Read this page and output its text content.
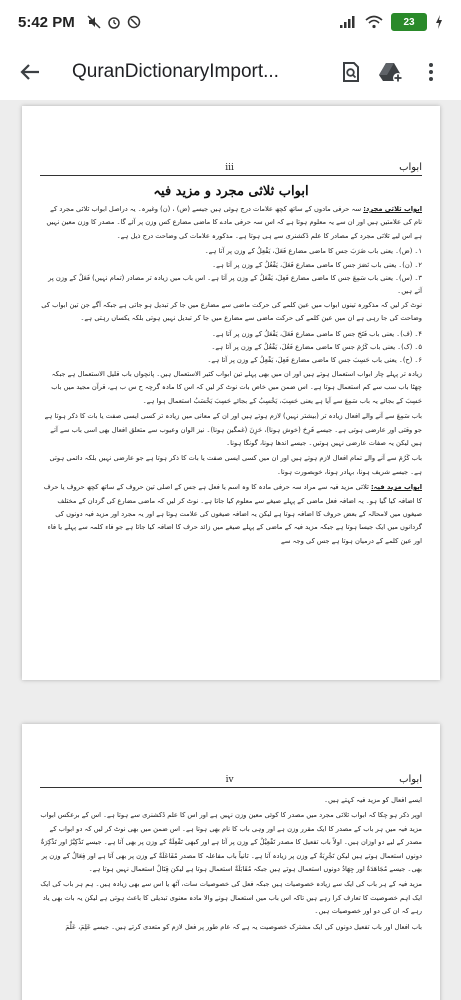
5:42 PM	23
QuranDictionaryImport...
ابواب
iii
ابواب ثلاثی مجرد و مزید فیہ

ابواب ثلاثی مجرد: سہ حرفی مادوں کے ساتھ کچھ علامات درج ہوئی ہیں جیسے (ض) ، (ن) وغیرہ۔ یہ دراصل ابواب ثلاثی مجرد کے نام کی علامتیں ہیں اور ان سے یہ معلوم ہوتا ہے کہ اس سہ حرفی مادے کا ماضی مضارع کس وزن پر آئے گا۔ مصدر کا وزن معین نہیں ہے اس لیے ثلاثی مجرد کے مصادر کا علم ڈکشنری سے ہی ہوتا ہے۔ مذکورہ علامات کی وضاحت درج ذیل ہے۔

۱۔ (ض)۔ یعنی باب ضَرَبَ جس کا ماضی مضارع فَعَلَ، یَفْعِلُ کے وزن پر آتا ہے۔
۲۔ (ن)۔ یعنی باب نَصَرَ جس کا ماضی مضارع فَعَلَ، یَفْعُلُ کے وزن پر آتا ہے۔
۳۔ (س)۔ یعنی باب سَمِعَ جس کا ماضی مضارع فَعِلَ، یَفْعَلُ کے وزن پر آتا ہے۔ اس باب میں زیادہ تر مصادر (تمام نہیں) فَعَلٌ کے وزن پر آتے ہیں۔

نوٹ کر لیں کہ مذکورہ تینوں ابواب میں عین کلمے کی حرکت ماضی سے مضارع میں جا کر تبدیل ہو جاتی ہے جبکہ آگے جن تین ابواب کی وضاحت کی جا رہی ہے ان میں عین کلمے کی حرکت ماضی سے مضارع میں جا کر تبدیل نہیں ہوتی بلکہ یکساں رہتی ہے۔

۴۔ (ف)۔ یعنی باب فَتَحَ جس کا ماضی مضارع فَعَلَ، یَفْعَلُ کے وزن پر آتا ہے۔
۵۔ (ک)۔ یعنی باب کَرُمَ جس کا ماضی مضارع فَعُلَ، یَفْعُلُ کے وزن پر آتا ہے۔
۶۔ (ح)۔ یعنی باب حَسِبَ جس کا ماضی مضارع فَعِلَ، یَفْعِلُ کے وزن پر آتا ہے۔

زیادہ تر پہلے چار ابواب استعمال ہوتے ہیں اور ان میں بھی پہلے تین ابواب کثیر الاستعمال ہیں۔ پانچواں باب قلیل الاستعمال ہے جبکہ چھٹا باب سب سے کم استعمال ہوتا ہے۔ اس ضمن میں خاص بات نوٹ کر لیں کہ اس کا مادہ گرچہ ح س ب ہے، قرآن مجید میں باب حَسِبَ کے بجائے یہ باب سَمِعَ سے آیا ہے یعنی حَسِبَ، یَحْسِبُ کے بجائے حَسِبَ یَحْسَبُ استعمال ہوا ہے۔

باب سَمِعَ سے آنے والے افعال زیادہ تر (بیشتر نہیں) لازم ہوتے ہیں اور ان کے معانی میں زیادہ تر کسی ایسی صفت یا بات کا ذکر ہوتا ہے جو وقتی اور عارضی ہوتی ہے۔ جیسے فَرِحَ (خوش ہونا)، حَزِنَ (غمگین ہونا)۔ نیز الوان وعیوب سے متعلق افعال بھی اسی باب سے آتے ہیں لیکن یہ صفات عارضی نہیں ہوتیں۔ جیسے اندھا ہونا، گونگا ہونا۔

باب کَرُمَ سے آنے والے تمام افعال لازم ہوتے ہیں اور ان میں کسی ایسی صفت یا بات کا ذکر ہوتا ہے جو عارضی نہیں بلکہ دائمی ہوتی ہے۔ جیسے شریف ہونا، بہادر ہونا، خوبصورت ہونا۔

ابواب مزید فیہ: ثلاثی مزید فیہ سے مراد سہ حرفی مادہ کا وہ اسم یا فعل ہے جس کے اصلی تین حروف کے ساتھ کچھ حروف یا حرف کا اضافہ کیا گیا ہو۔ یہ اضافہ فعل ماضی کے پہلے صیغے سے معلوم کیا جاتا ہے۔ نوٹ کر لیں کہ ماضی مضارع کی گردان کے مختلف صیغوں میں لامحالہ کے بعض حروف کا اضافہ ہوتا ہے لیکن یہ اضافہ صیغوں کی علامت ہوتا ہے اور یہ مجرد اور مزید فیہ دونوں کی گردانوں میں ایک جیسا ہوتا ہے جبکہ مزید فیہ کے ماضی کے پہلے صیغے میں زائد حرف کا اضافہ کیا جاتا ہے جو فاء کلمہ سے پہلے یا فاء اور عین کلمے کے درمیان ہوتا ہے جس کی وجہ سے

ابواب
iv

ایسے افعال کو مزید فیہ کہتے ہیں۔

اوپر ذکر ہو چکا کہ ابواب ثلاثی مجرد میں مصدر کا کوئی معین وزن نہیں ہے اور اس کا علم ڈکشنری سے ہوتا ہے۔ اس کے برعکس ابواب مزید فیہ میں ہر باب کے مصدر کا ایک مقرر وزن ہے اور وہی باب کا نام بھی ہوتا ہے۔ اس ضمن میں بھی نوٹ کر لیں کہ دو ابواب کے مصدر کے لیے دو اوزان ہیں۔ اولاً باب تفعیل کا مصدر تَفْعِیْلٌ کے وزن پر آتا ہے اور کبھی تَفْعِلَةٌ کے وزن پر بھی آتا ہے۔ جیسے تَذْکِیْرٌ اور تَذْکِرَةٌ دونوں استعمال ہوتے ہیں لیکن تَجْرِبَةٌ کے وزن پر زیادہ آتا ہے۔ ثانیاً باب مفاعلہ کا مصدر مُفَاعَلَةٌ کے وزن پر بھی آتا ہے اور فِعَالٌ کے وزن پر بھی۔ جیسے مُجَاهَدَةٌ اور جِهَادٌ دونوں استعمال ہوتے ہیں جبکہ مُقَابَلَةٌ استعمال ہوتا ہے لیکن قِتَالٌ استعمال نہیں ہوتا ہے۔

مزید فیہ کے ہر باب کی ایک سے زیادہ خصوصیات ہیں جبکہ فعل کی خصوصیات سات، آٹھ یا اس سے بھی زیادہ ہیں۔ ہم ہر باب کی ایک ایک اہم خصوصیت کا تعارف کرا رہے ہیں تاکہ اس باب میں استعمال ہونے والا مادہ معنوی تبدیلی کا باعث ہوتی ہے لیکن یہ بات بھی یاد رہے کہ ان کی دو اور خصوصیات ہیں۔

باب افعال اور باب تفعیل دونوں کی ایک مشترک خصوصیت یہ ہے کہ عام طور پر فعل لازم کو متعدی کرتے ہیں۔ جیسے عَلِمَ، عَلَّمَ
